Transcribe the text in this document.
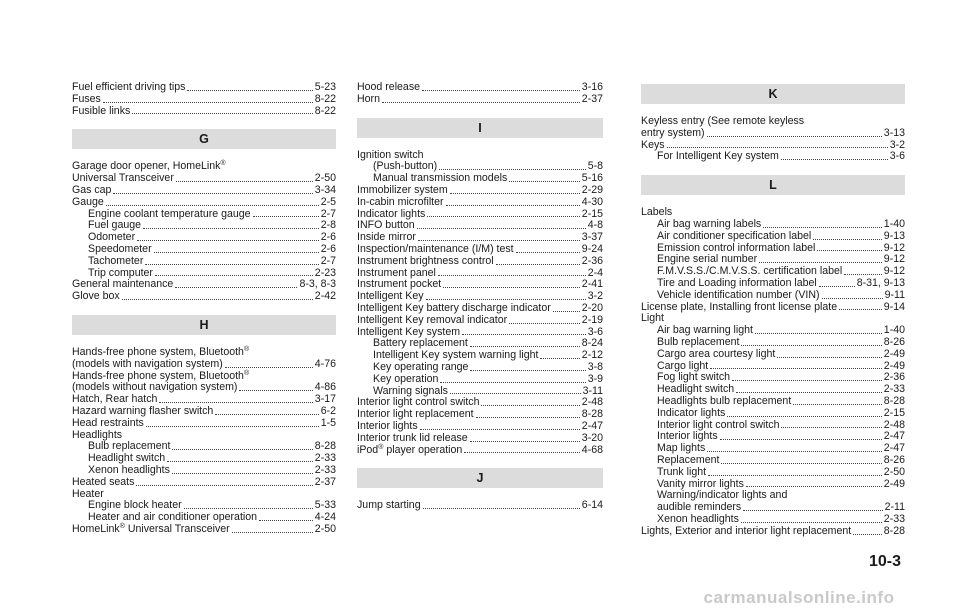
Fuel efficient driving tips	5-23
Fuses	8-22
Fusible links	8-22
G
Garage door opener, HomeLink®
Universal Transceiver	2-50
Gas cap	3-34
Gauge	2-5
Engine coolant temperature gauge	2-7
Fuel gauge	2-8
Odometer	2-6
Speedometer	2-6
Tachometer	2-7
Trip computer	2-23
General maintenance	8-3, 8-3
Glove box	2-42
H
Hands-free phone system, Bluetooth®
(models with navigation system)	4-76
Hands-free phone system, Bluetooth®
(models without navigation system)	4-86
Hatch, Rear hatch	3-17
Hazard warning flasher switch	6-2
Head restraints	1-5
Headlights
Bulb replacement	8-28
Headlight switch	2-33
Xenon headlights	2-33
Heated seats	2-37
Heater
Engine block heater	5-33
Heater and air conditioner operation	4-24
HomeLink® Universal Transceiver	2-50
Hood release	3-16
Horn	2-37
I
Ignition switch
(Push-button)	5-8
Manual transmission models	5-16
Immobilizer system	2-29
In-cabin microfilter	4-30
Indicator lights	2-15
INFO button	4-8
Inside mirror	3-37
Inspection/maintenance (I/M) test	9-24
Instrument brightness control	2-36
Instrument panel	2-4
Instrument pocket	2-41
Intelligent Key	3-2
Intelligent Key battery discharge indicator	2-20
Intelligent Key removal indicator	2-19
Intelligent Key system	3-6
Battery replacement	8-24
Intelligent Key system warning light	2-12
Key operating range	3-8
Key operation	3-9
Warning signals	3-11
Interior light control switch	2-48
Interior light replacement	8-28
Interior lights	2-47
Interior trunk lid release	3-20
iPod® player operation	4-68
J
Jump starting	6-14
K
Keyless entry (See remote keyless
entry system)	3-13
Keys	3-2
For Intelligent Key system	3-6
L
Labels
Air bag warning labels	1-40
Air conditioner specification label	9-13
Emission control information label	9-12
Engine serial number	9-12
F.M.V.S.S./C.M.V.S.S. certification label	9-12
Tire and Loading information label	8-31, 9-13
Vehicle identification number (VIN)	9-11
License plate, Installing front license plate	9-14
Light
Air bag warning light	1-40
Bulb replacement	8-26
Cargo area courtesy light	2-49
Cargo light	2-49
Fog light switch	2-36
Headlight switch	2-33
Headlights bulb replacement	8-28
Indicator lights	2-15
Interior light control switch	2-48
Interior lights	2-47
Map lights	2-47
Replacement	8-26
Trunk light	2-50
Vanity mirror lights	2-49
Warning/indicator lights and
audible reminders	2-11
Xenon headlights	2-33
Lights, Exterior and interior light replacement	8-28
10-3
carmanualsonline.info
